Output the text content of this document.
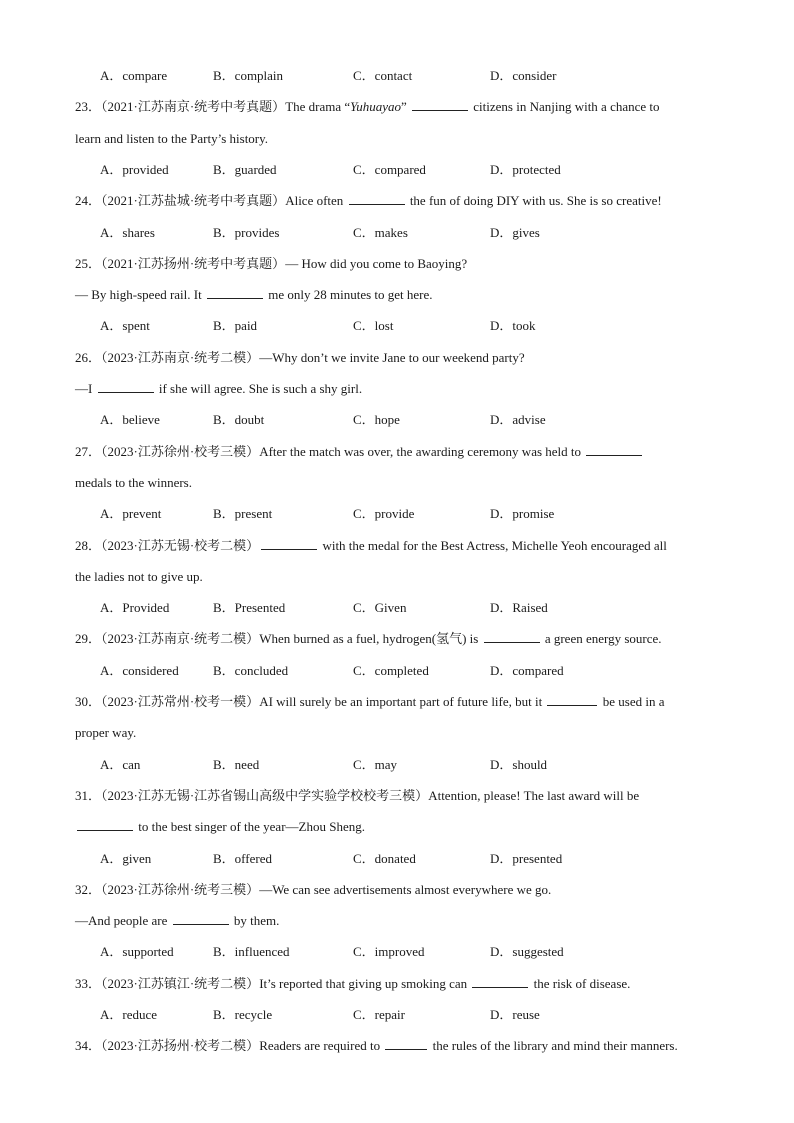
A．compare	B．complain	C．contact	D．consider
23．（2021·江苏南京·统考中考真题）The drama “Yuhuayao”	citizens in Nanjing with a chance to
learn and listen to the Party’s history.
A．provided	B．guarded	C．compared	D．protected
24．（2021·江苏盐城·统考中考真题）Alice often	the fun of doing DIY with us. She is so creative!
A．shares	B．provides	C．makes	D．gives
25．（2021·江苏扬州·统考中考真题）— How did you come to Baoying?
— By high-speed rail. It	me only 28 minutes to get here.
A．spent	B．paid	C．lost	D．took
26．（2023·江苏南京·统考二模）—Why don’t we invite Jane to our weekend party?
—I	if she will agree. She is such a shy girl.
A．believe	B．doubt	C．hope	D．advise
27．（2023·江苏徐州·校考三模）After the match was over, the awarding ceremony was held to
medals to the winners.
A．prevent	B．present	C．provide	D．promise
28．（2023·江苏无锡·校考二模）	with the medal for the Best Actress, Michelle Yeoh encouraged all
the ladies not to give up.
A．Provided	B．Presented	C．Given	D．Raised
29．（2023·江苏南京·统考二模）When burned as a fuel, hydrogen(氢气) is	a green energy source.
A．considered	B．concluded	C．completed	D．compared
30．（2023·江苏常州·校考一模）AI will surely be an important part of future life, but it	be used in a
proper way.
A．can	B．need	C．may	D．should
31．（2023·江苏无锡·江苏省锡山高级中学实验学校校考三模）Attention, please! The last award will be
to the best singer of the year—Zhou Sheng.
A．given	B．offered	C．donated	D．presented
32．（2023·江苏徐州·统考三模）—We can see advertisements almost everywhere we go.
—And people are	by them.
A．supported	B．influenced	C．improved	D．suggested
33．（2023·江苏镇江·统考二模）It’s reported that giving up smoking can	the risk of disease.
A．reduce	B．recycle	C．repair	D．reuse
34．（2023·江苏扬州·校考二模）Readers are required to	the rules of the library and mind their manners.
